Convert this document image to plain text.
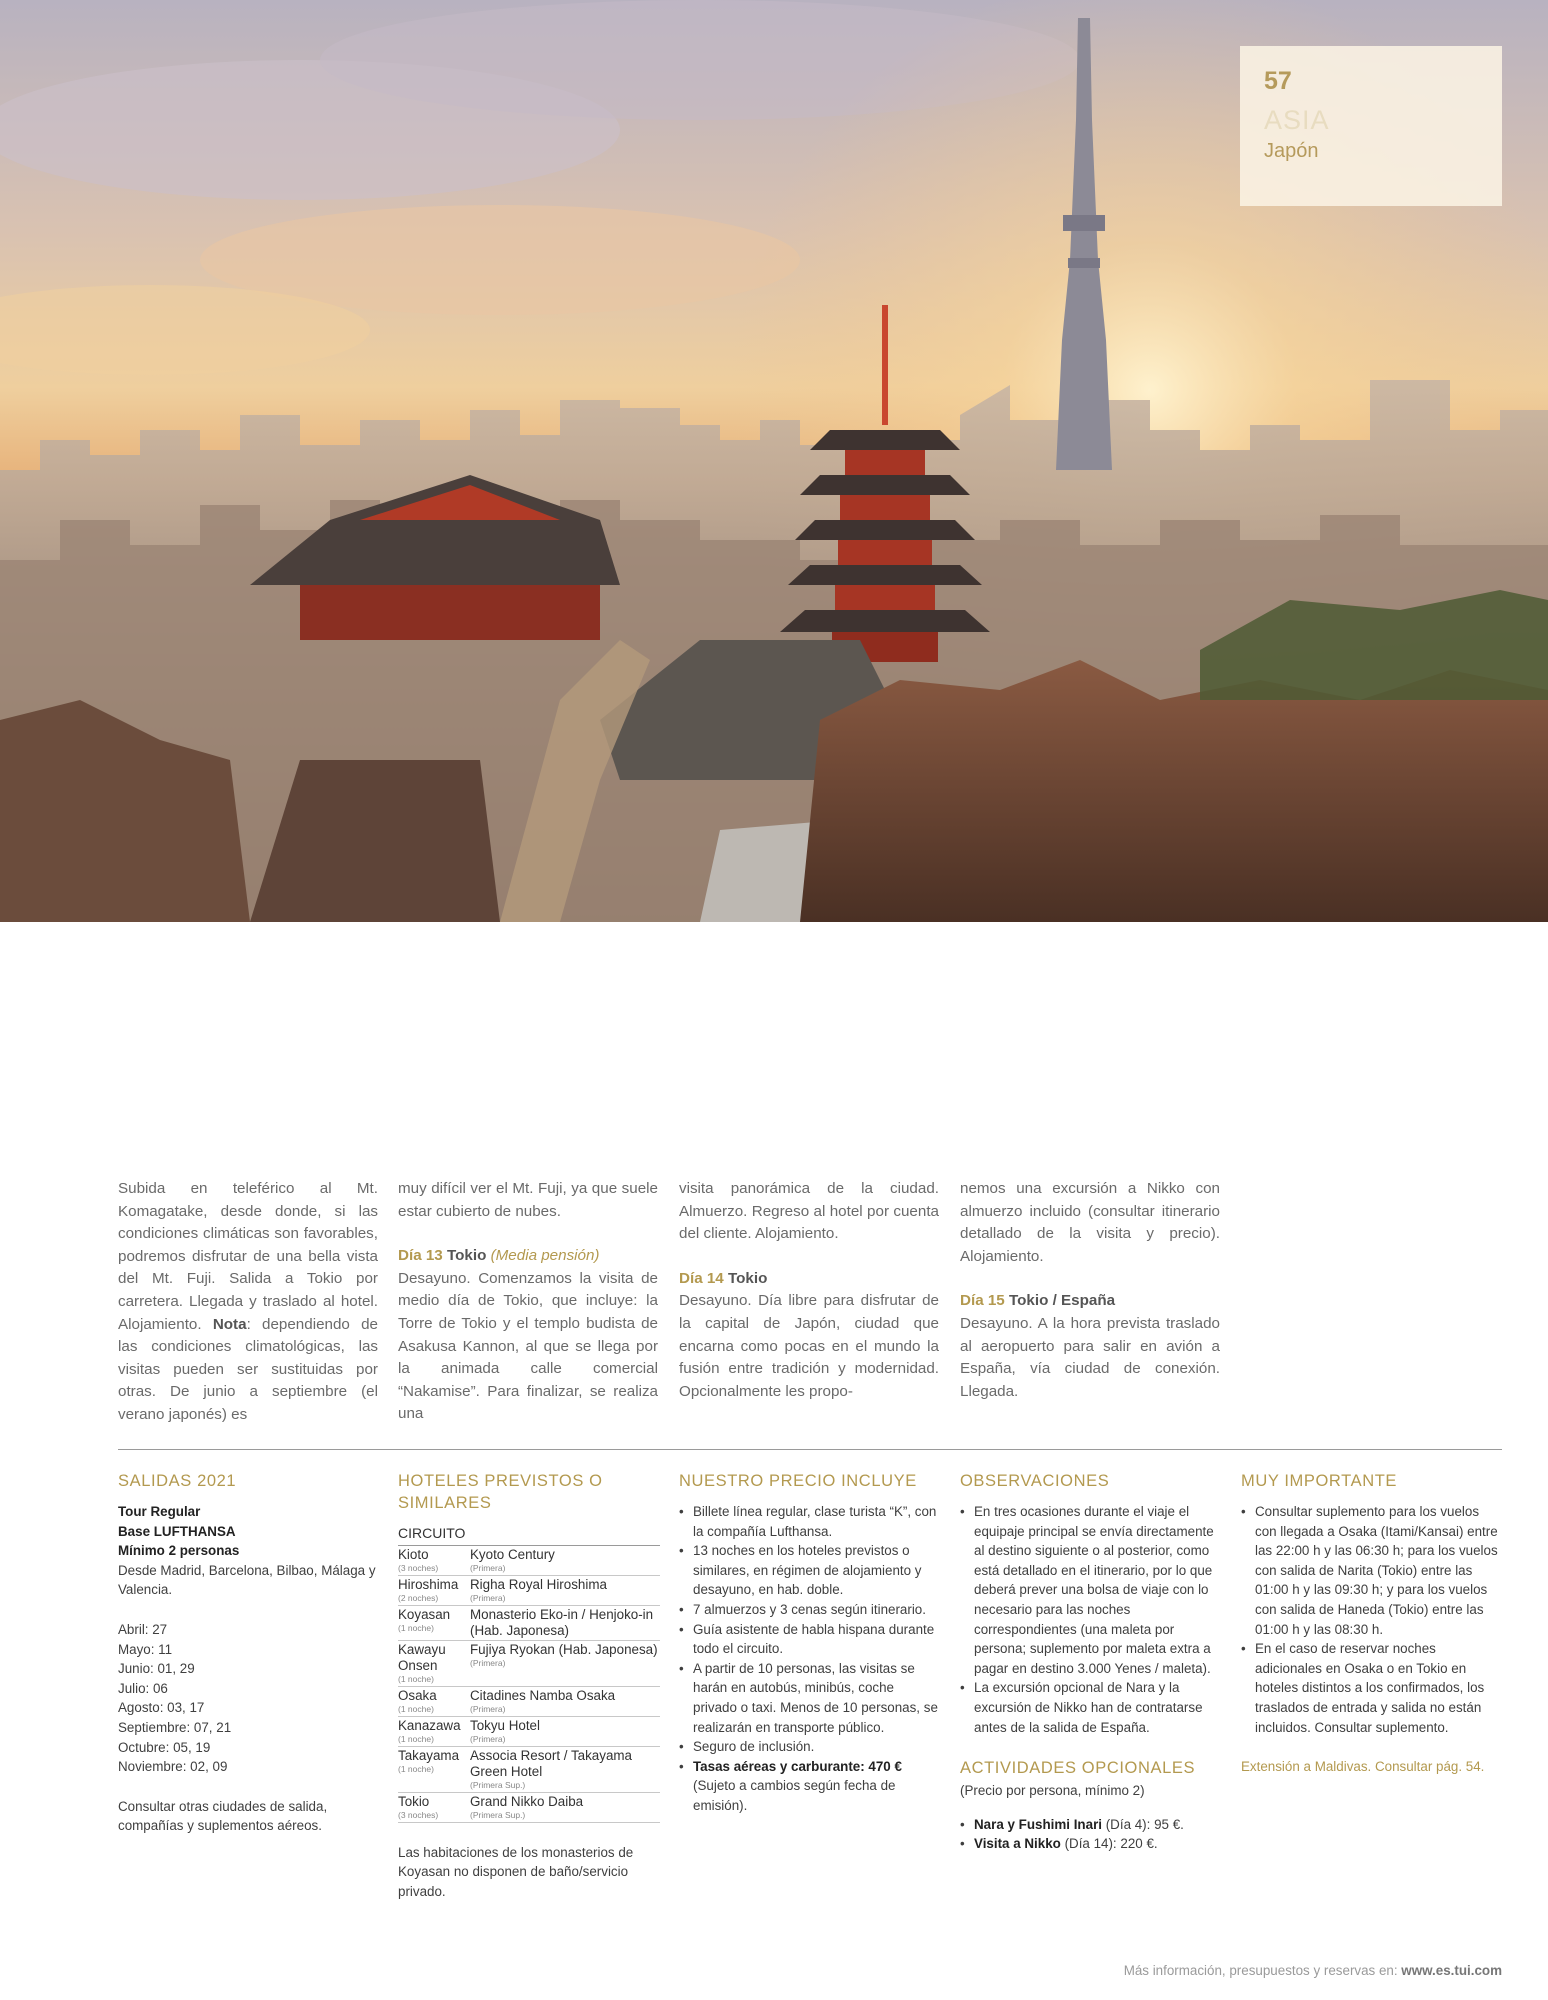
57
ASIA
Japón

Subida en teleférico al Mt. Komagatake, desde donde, si las condiciones climáticas son favorables, podremos disfrutar de una bella vista del Mt. Fuji. Salida a Tokio por carretera. Llegada y traslado al hotel. Alojamiento. Nota: dependiendo de las condiciones climatológicas, las visitas pueden ser sustituidas por otras. De junio a septiembre (el verano japonés) es

muy difícil ver el Mt. Fuji, ya que suele estar cubierto de nubes.

Día 13 Tokio (Media pensión)

Desayuno. Comenzamos la visita de medio día de Tokio, que incluye: la Torre de Tokio y el templo budista de Asakusa Kannon, al que se llega por la animada calle comercial “Nakamise”. Para finalizar, se realiza una

visita panorámica de la ciudad. Almuerzo. Regreso al hotel por cuenta del cliente. Alojamiento.

Día 14 Tokio

Desayuno. Día libre para disfrutar de la capital de Japón, ciudad que encarna como pocas en el mundo la fusión entre tradición y modernidad. Opcionalmente les propo-

nemos una excursión a Nikko con almuerzo incluido (consultar itinerario detallado de la visita y precio). Alojamiento.

Día 15 Tokio / España

Desayuno. A la hora prevista traslado al aeropuerto para salir en avión a España, vía ciudad de conexión. Llegada.

SALIDAS 2021
Tour Regular
Base LUFTHANSA
Mínimo 2 personas
Desde Madrid, Barcelona, Bilbao, Málaga y Valencia.
Abril: 27
Mayo: 11
Junio: 01, 29
Julio: 06
Agosto: 03, 17
Septiembre: 07, 21
Octubre: 05, 19
Noviembre: 02, 09
Consultar otras ciudades de salida, compañías y suplementos aéreos.
HOTELES PREVISTOS O SIMILARES
CIRCUITO
Kioto
(3 noches)
Kyoto Century
(Primera)
Hiroshima
(2 noches)
Righa Royal Hiroshima
(Primera)
Koyasan
(1 noche)
Monasterio Eko-in / Henjoko-in (Hab. Japonesa)
Kawayu Onsen
(1 noche)
Fujiya Ryokan (Hab. Japonesa)
(Primera)
Osaka
(1 noche)
Citadines Namba Osaka
(Primera)
Kanazawa
(1 noche)
Tokyu Hotel
(Primera)
Takayama
(1 noche)
Associa Resort / Takayama Green Hotel
(Primera Sup.)
Tokio
(3 noches)
Grand Nikko Daiba
(Primera Sup.)
Las habitaciones de los monasterios de Koyasan no disponen de baño/servicio privado.
NUESTRO PRECIO INCLUYE
• Billete línea regular, clase turista “K”, con la compañía Lufthansa.
• 13 noches en los hoteles previstos o similares, en régimen de alojamiento y desayuno, en hab. doble.
• 7 almuerzos y 3 cenas según itinerario.
• Guía asistente de habla hispana durante todo el circuito.
• A partir de 10 personas, las visitas se harán en autobús, minibús, coche privado o taxi. Menos de 10 personas, se realizarán en transporte público.
• Seguro de inclusión.
• Tasas aéreas y carburante: 470 €
(Sujeto a cambios según fecha de emisión).
OBSERVACIONES
• En tres ocasiones durante el viaje el equipaje principal se envía directamente al destino siguiente o al posterior, como está detallado en el itinerario, por lo que deberá prever una bolsa de viaje con lo necesario para las noches correspondientes (una maleta por persona; suplemento por maleta extra a pagar en destino 3.000 Yenes / maleta).
• La excursión opcional de Nara y la excursión de Nikko han de contratarse antes de la salida de España.
ACTIVIDADES OPCIONALES
(Precio por persona, mínimo 2)
• Nara y Fushimi Inari (Día 4): 95 €.
• Visita a Nikko (Día 14): 220 €.
MUY IMPORTANTE
• Consultar suplemento para los vuelos con llegada a Osaka (Itami/Kansai) entre las 22:00 h y las 06:30 h; para los vuelos con salida de Narita (Tokio) entre las 01:00 h y las 09:30 h; y para los vuelos con salida de Haneda (Tokio) entre las 01:00 h y las 08:30 h.
• En el caso de reservar noches adicionales en Osaka o en Tokio en hoteles distintos a los confirmados, los traslados de entrada y salida no están incluidos. Consultar suplemento.
Extensión a Maldivas. Consultar pág. 54.
Más información, presupuestos y reservas en: www.es.tui.com
